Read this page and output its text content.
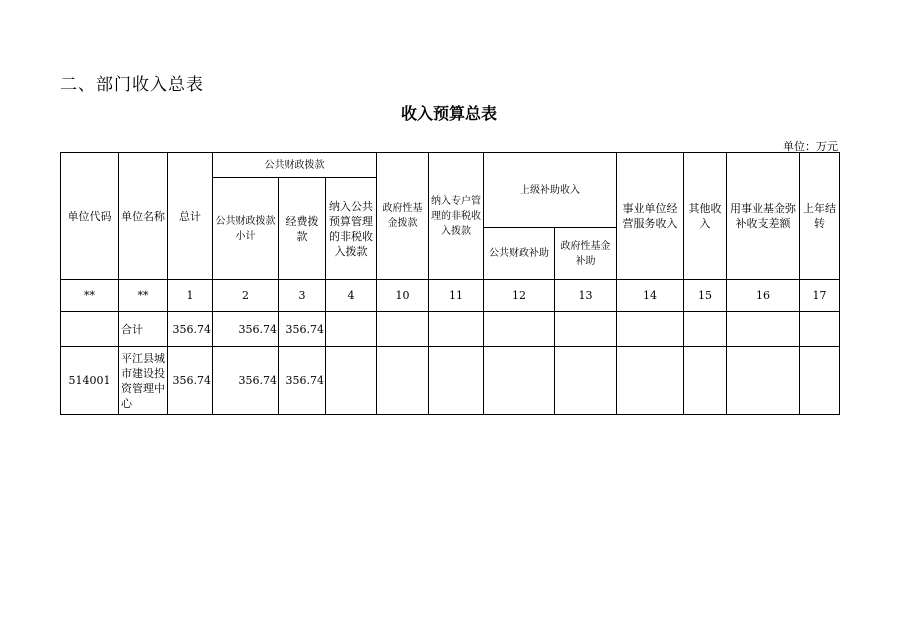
二、部门收入总表
收入预算总表
单位：万元
单位代码	单位名称	总计	公共财政拨款			政府性基金拨款	纳入专户管理的非税收入拨款	上级补助收入		事业单位经营服务收入	其他收入	用事业基金弥补收支差额	上年结转
			公共财政拨款小计	经费拨款	纳入公共预算管理的非税收入拨款								
								公共财政补助	政府性基金补助				
**	**	1	2	3	4	10	11	12	13	14	15	16	17
	合计	356.74	356.74	356.74									
514001	平江县城市建设投资管理中心	356.74	356.74	356.74									
